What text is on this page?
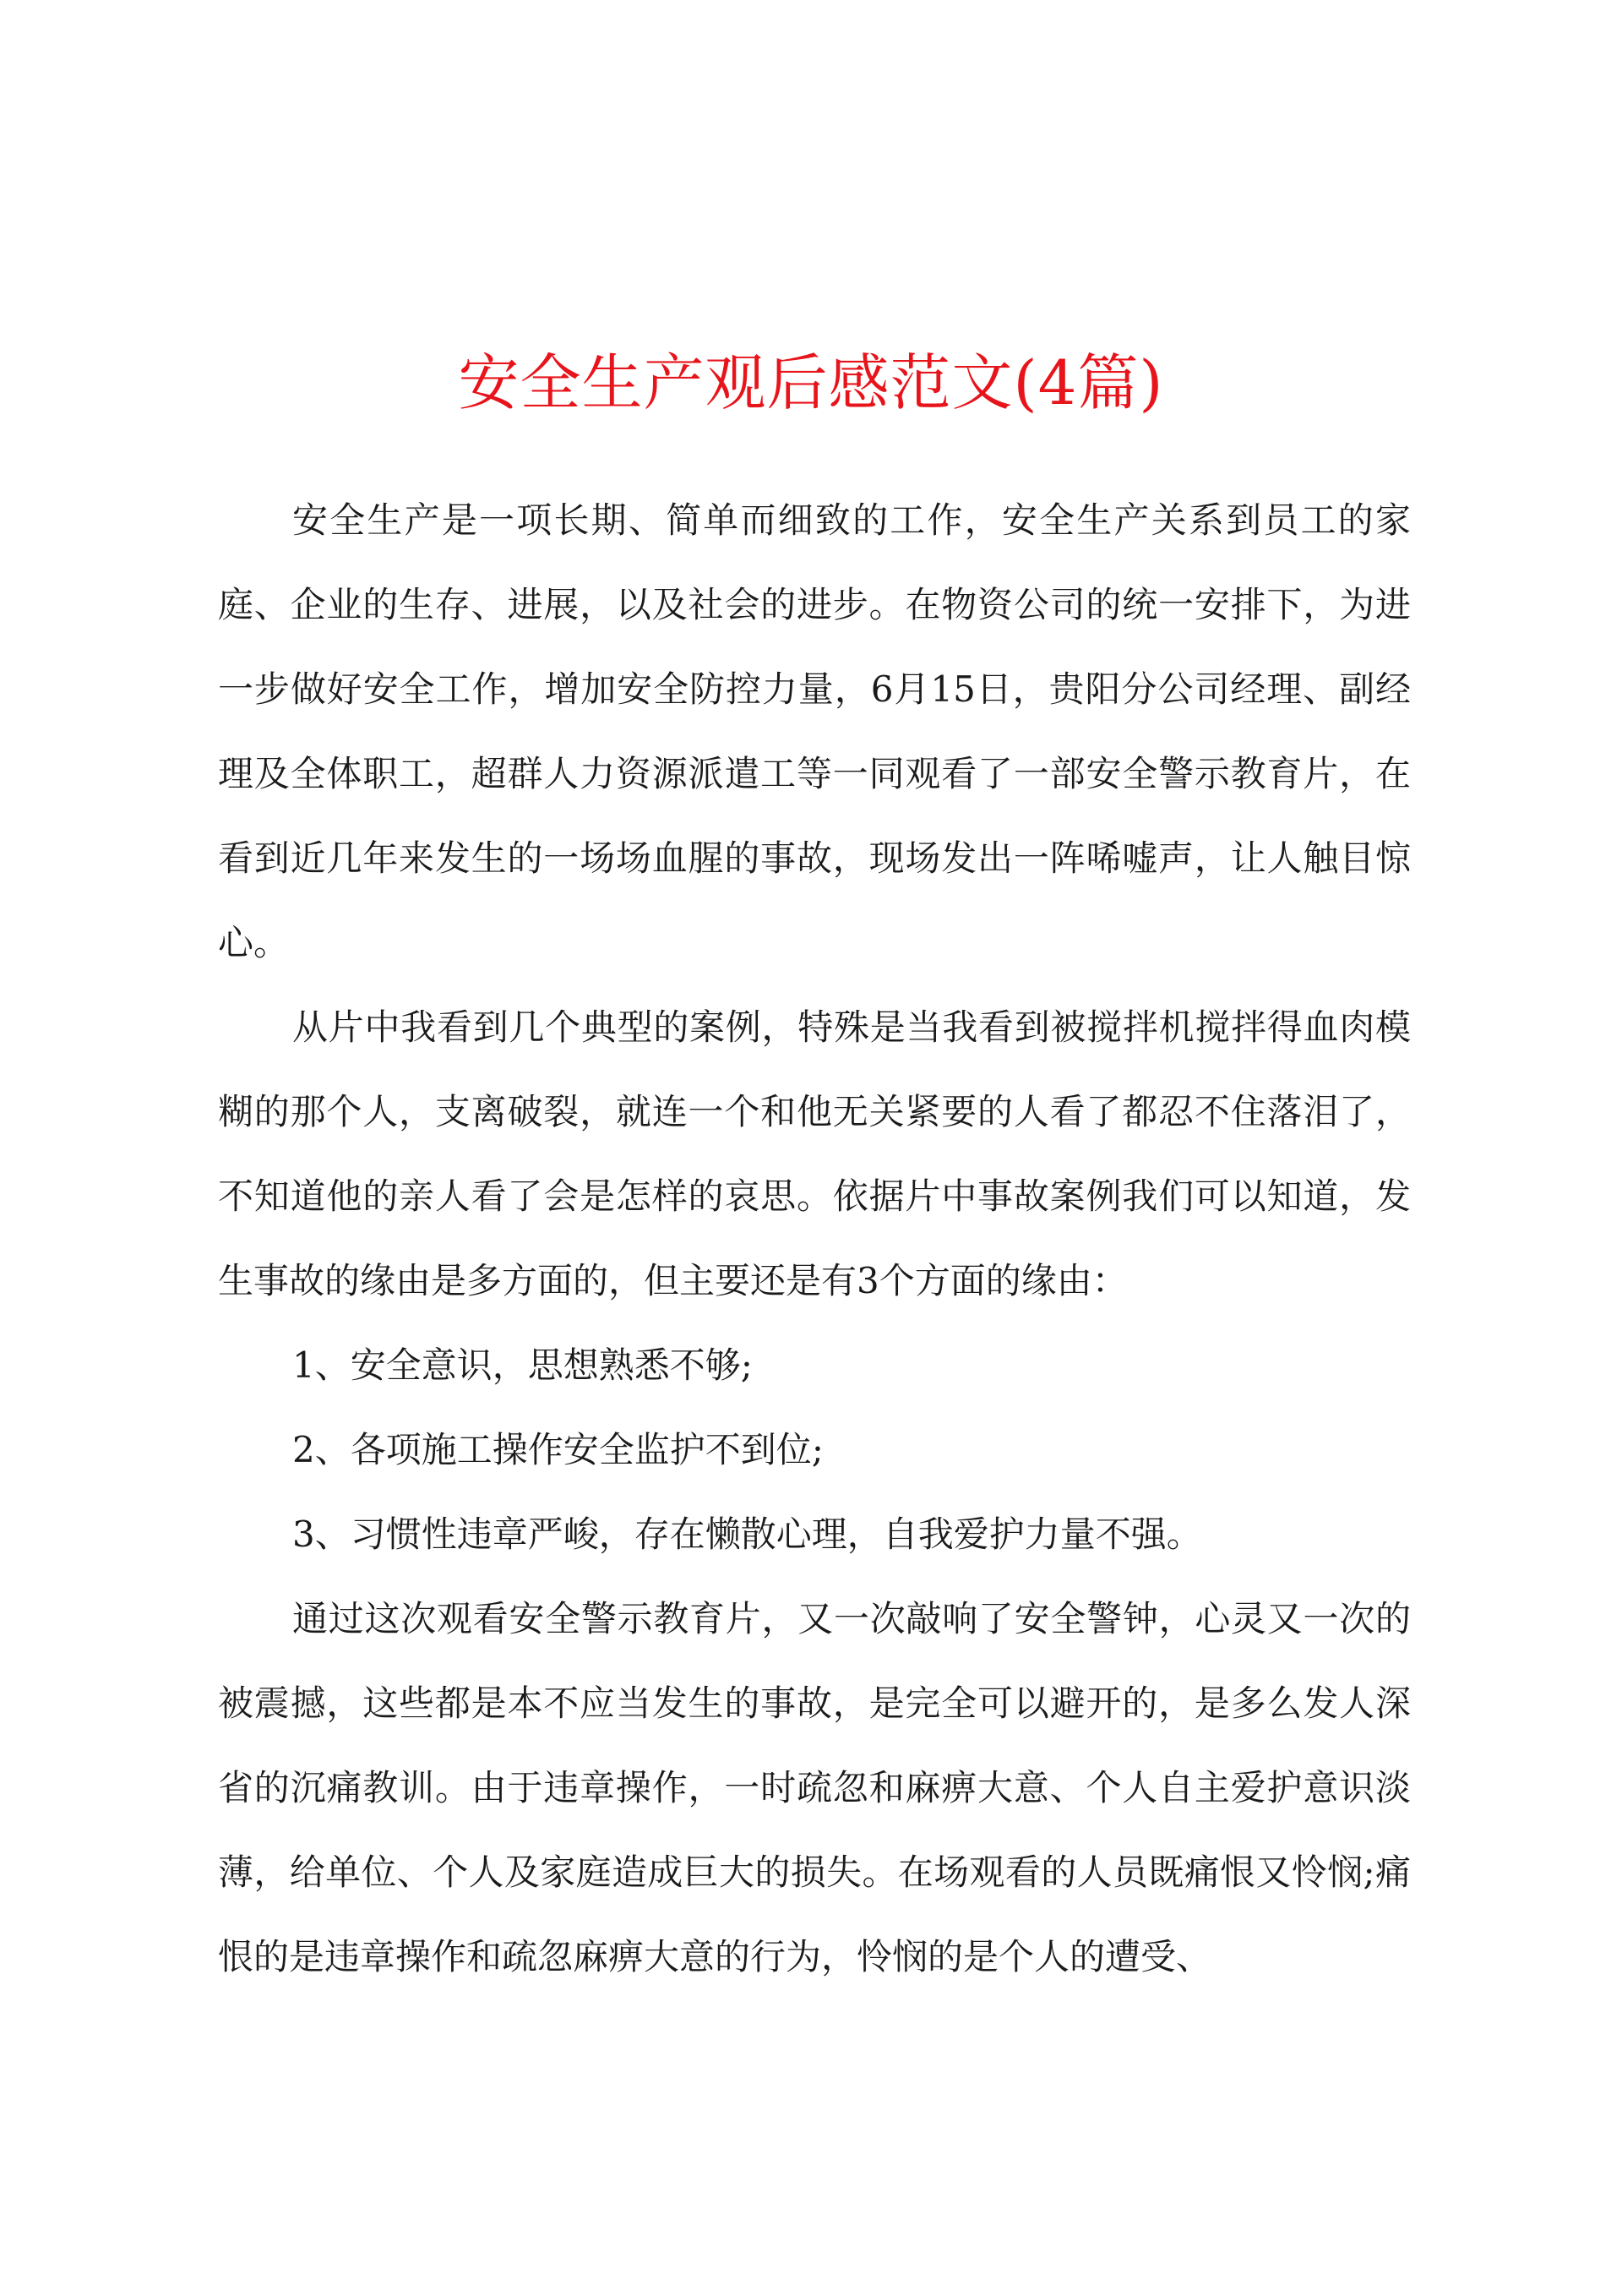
安全生产观后感范文(4篇)

安全生产是一项长期、简单而细致的工作，安全生产关系到员工的家庭、企业的生存、进展，以及社会的进步。在物资公司的统一安排下，为进一步做好安全工作，增加安全防控力量，6月15日，贵阳分公司经理、副经理及全体职工，超群人力资源派遣工等一同观看了一部安全警示教育片，在看到近几年来发生的一场场血腥的事故，现场发出一阵唏嘘声，让人触目惊心。

从片中我看到几个典型的案例，特殊是当我看到被搅拌机搅拌得血肉模糊的那个人，支离破裂，就连一个和他无关紧要的人看了都忍不住落泪了，不知道他的亲人看了会是怎样的哀思。依据片中事故案例我们可以知道，发生事故的缘由是多方面的，但主要还是有3个方面的缘由：

1、安全意识，思想熟悉不够;

2、各项施工操作安全监护不到位;

3、习惯性违章严峻，存在懒散心理，自我爱护力量不强。

通过这次观看安全警示教育片，又一次敲响了安全警钟，心灵又一次的被震撼，这些都是本不应当发生的事故，是完全可以避开的，是多么发人深省的沉痛教训。由于违章操作，一时疏忽和麻痹大意、个人自主爱护意识淡薄，给单位、个人及家庭造成巨大的损失。在场观看的人员既痛恨又怜悯;痛恨的是违章操作和疏忽麻痹大意的行为，怜悯的是个人的遭受、
